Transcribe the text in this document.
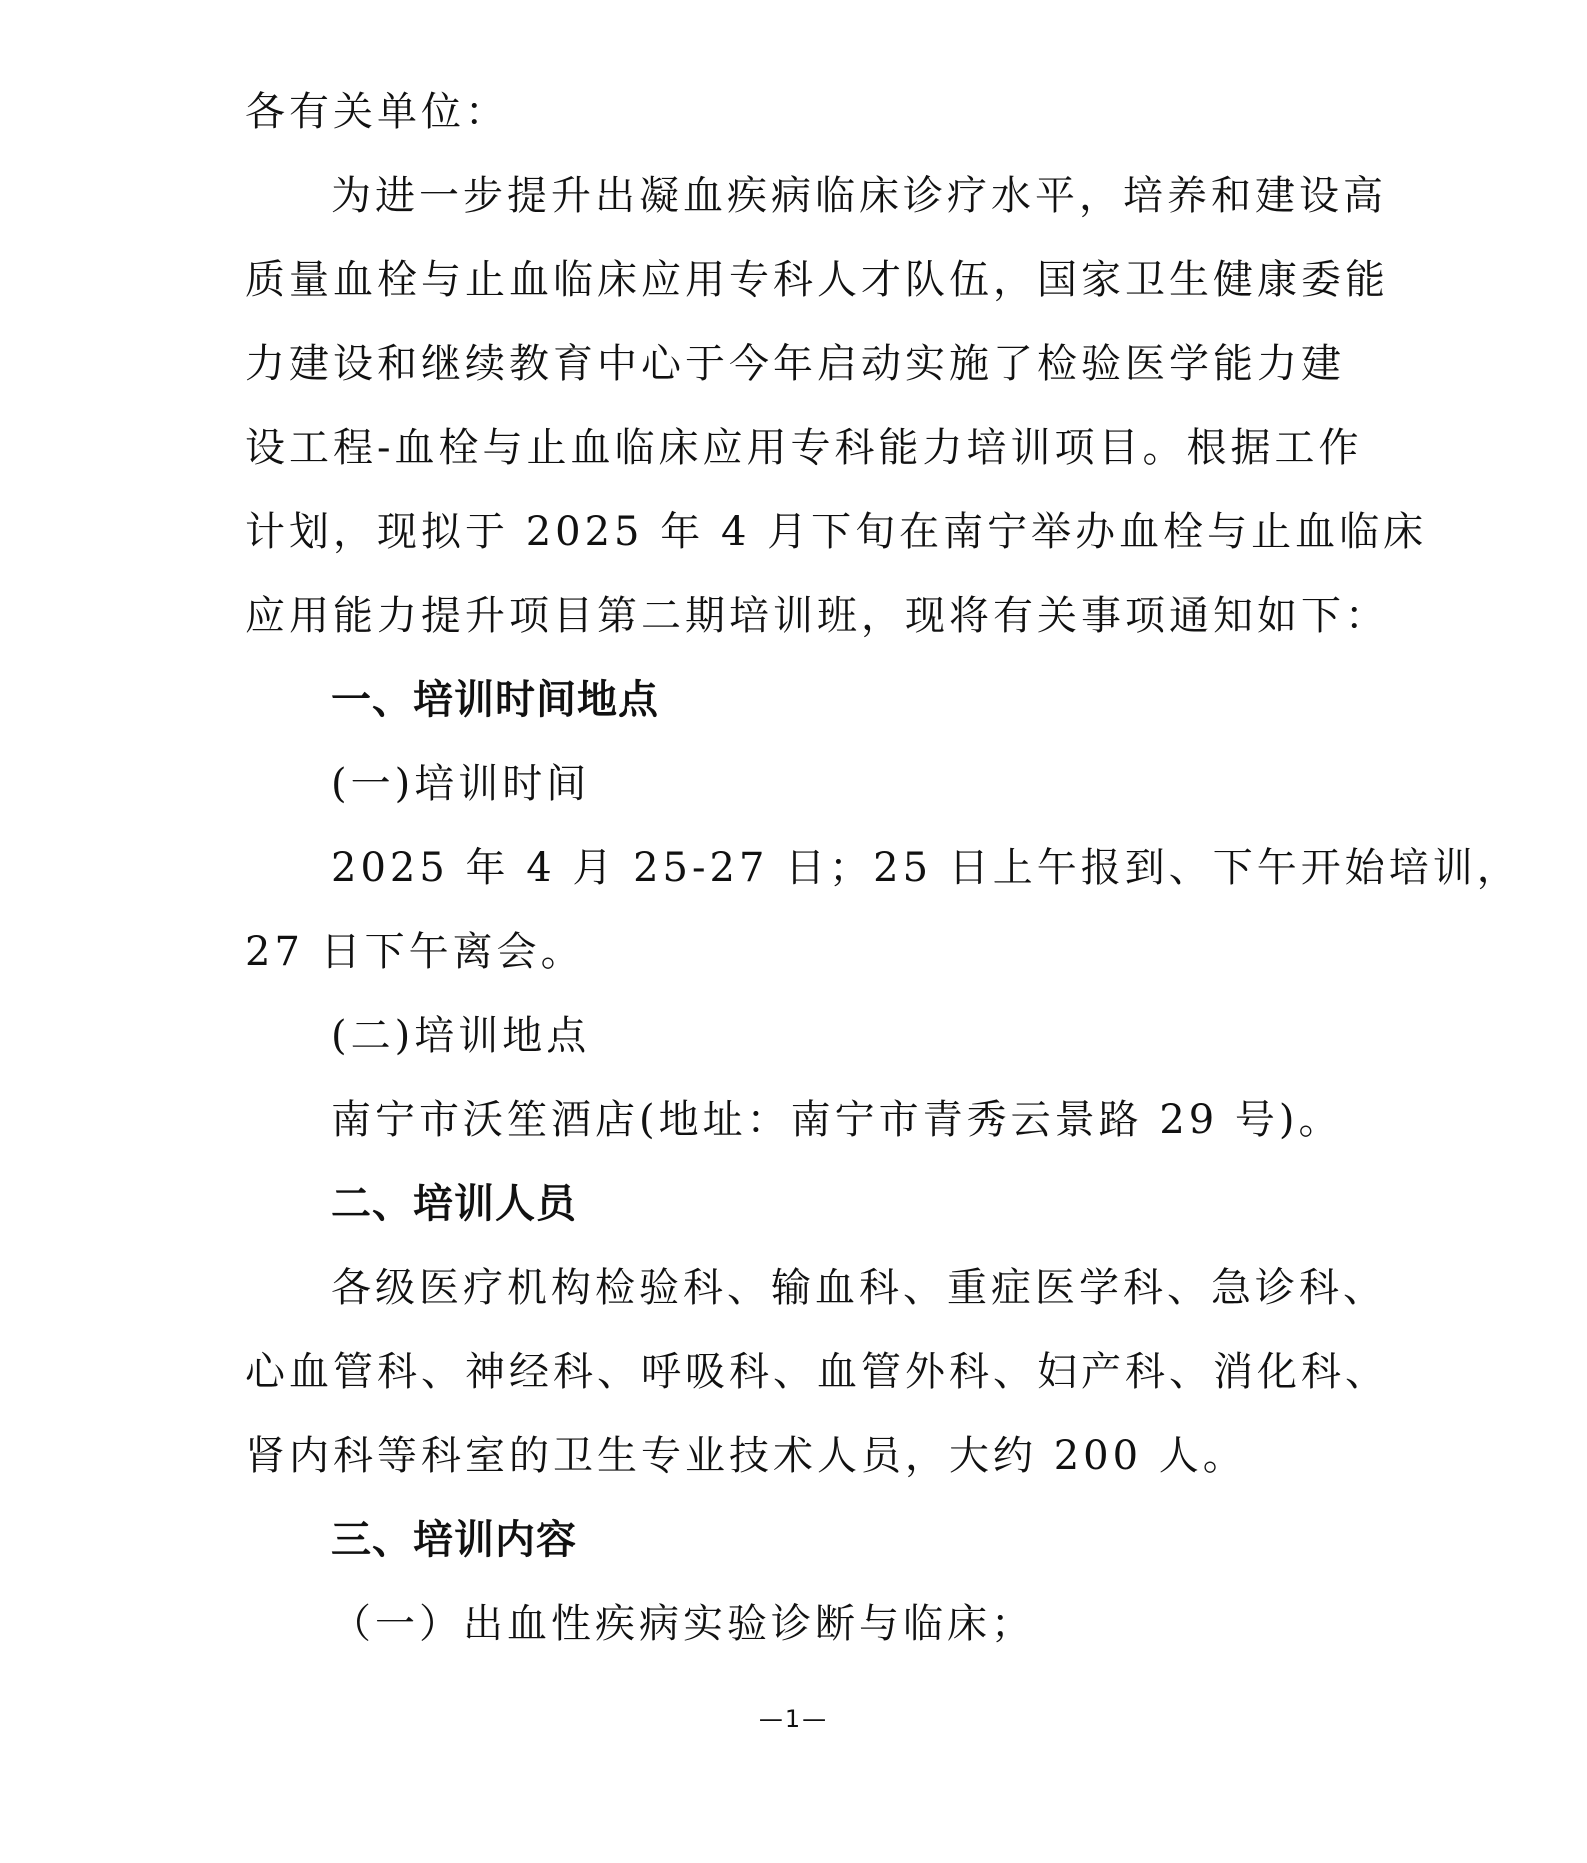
各有关单位：
为进一步提升出凝血疾病临床诊疗水平，培养和建设高
质量血栓与止血临床应用专科人才队伍，国家卫生健康委能
力建设和继续教育中心于今年启动实施了检验医学能力建
设工程-血栓与止血临床应用专科能力培训项目。根据工作
计划，现拟于 2025 年 4 月下旬在南宁举办血栓与止血临床
应用能力提升项目第二期培训班，现将有关事项通知如下：
一、培训时间地点
(一)培训时间
2025 年 4 月 25-27 日；25 日上午报到、下午开始培训，
27 日下午离会。
(二)培训地点
南宁市沃笙酒店(地址：南宁市青秀云景路 29 号)。
二、培训人员
各级医疗机构检验科、输血科、重症医学科、急诊科、
心血管科、神经科、呼吸科、血管外科、妇产科、消化科、
肾内科等科室的卫生专业技术人员，大约 200 人。
三、培训内容
（一）出血性疾病实验诊断与临床；
—1—
